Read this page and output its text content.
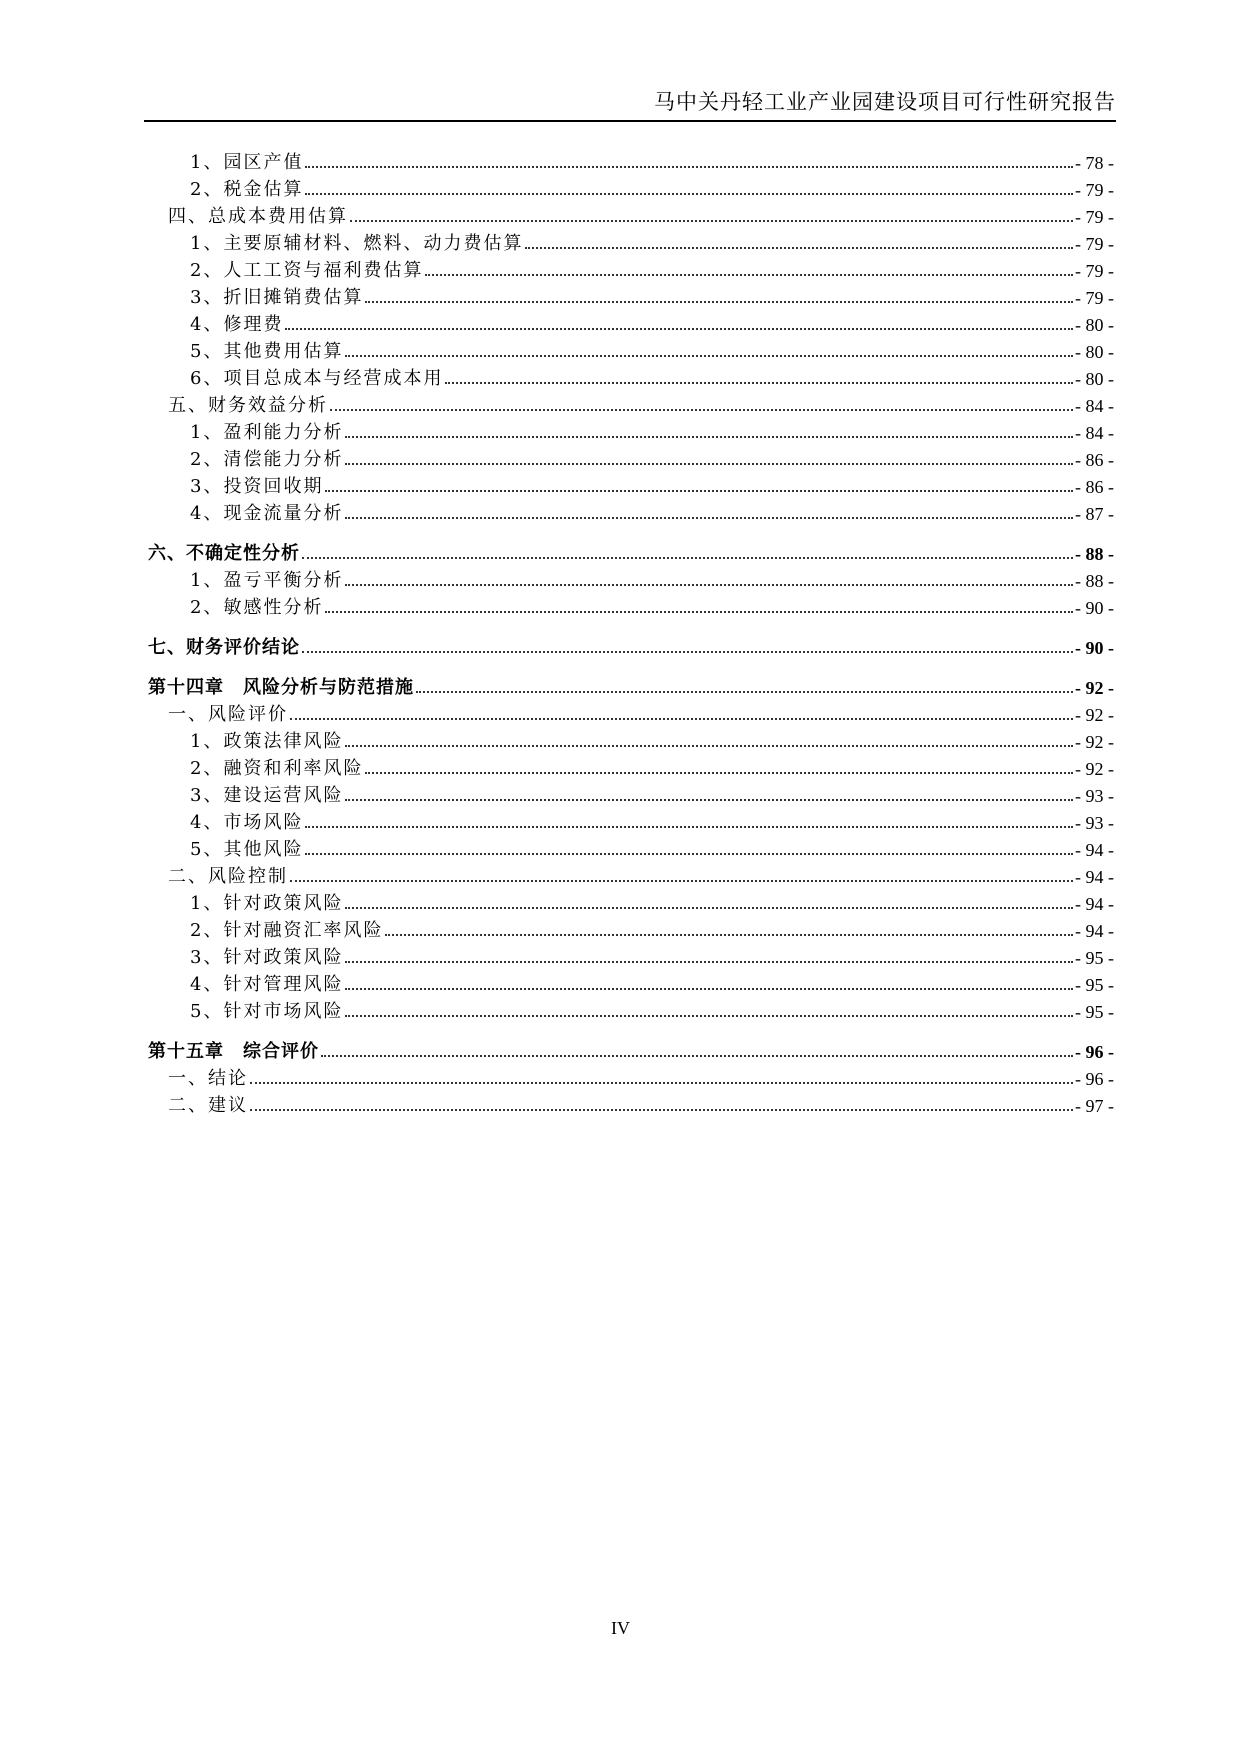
马中关丹轻工业产业园建设项目可行性研究报告
1、园区产值	- 78 -
2、税金估算	- 79 -
四、总成本费用估算	- 79 -
1、主要原辅材料、燃料、动力费估算	- 79 -
2、人工工资与福利费估算	- 79 -
3、折旧摊销费估算	- 79 -
4、修理费	- 80 -
5、其他费用估算	- 80 -
6、项目总成本与经营成本用	- 80 -
五、财务效益分析	- 84 -
1、盈利能力分析	- 84 -
2、清偿能力分析	- 86 -
3、投资回收期	- 86 -
4、现金流量分析	- 87 -
六、不确定性分析	- 88 -
1、盈亏平衡分析	- 88 -
2、敏感性分析	- 90 -
七、财务评价结论	- 90 -
第十四章　风险分析与防范措施	- 92 -
一、风险评价	- 92 -
1、政策法律风险	- 92 -
2、融资和利率风险	- 92 -
3、建设运营风险	- 93 -
4、市场风险	- 93 -
5、其他风险	- 94 -
二、风险控制	- 94 -
1、针对政策风险	- 94 -
2、针对融资汇率风险	- 94 -
3、针对政策风险	- 95 -
4、针对管理风险	- 95 -
5、针对市场风险	- 95 -
第十五章　综合评价	- 96 -
一、结论	- 96 -
二、建议	- 97 -
IV
